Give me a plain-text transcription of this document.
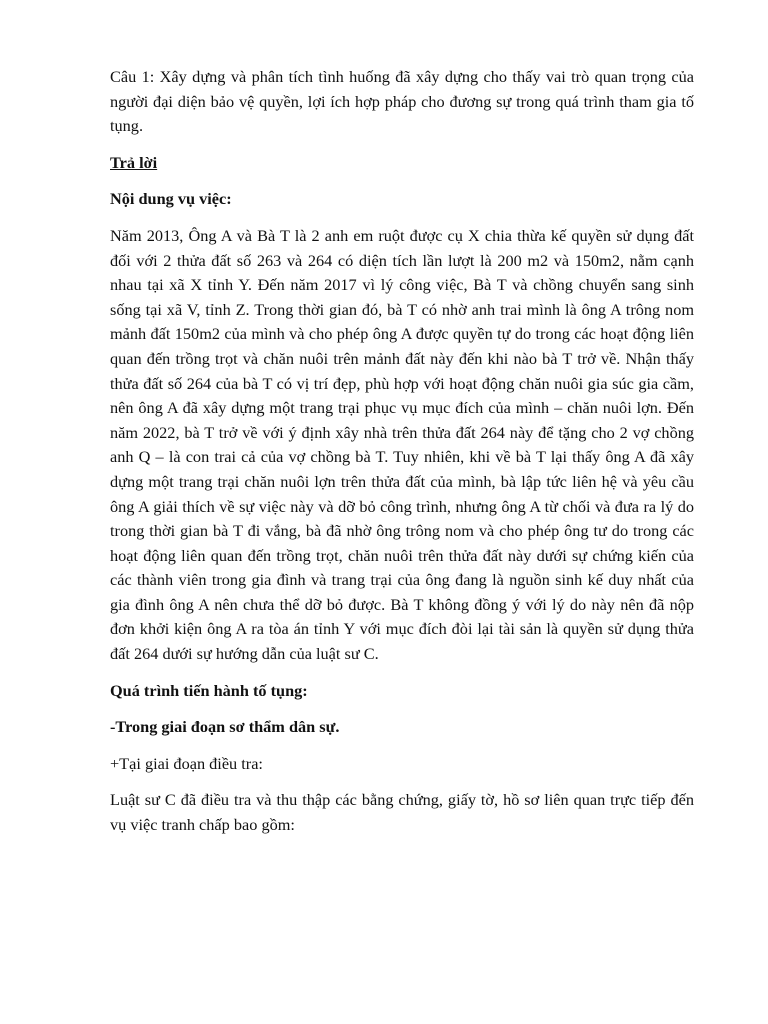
Câu 1: Xây dựng và phân tích tình huống đã xây dựng cho thấy vai trò quan trọng của người đại diện bảo vệ quyền, lợi ích hợp pháp cho đương sự trong quá trình tham gia tố tụng.

Trả lời

Nội dung vụ việc:

Năm 2013, Ông A và Bà T là 2 anh em ruột được cụ X chia thừa kế quyền sử dụng đất đối với 2 thửa đất số 263 và 264 có diện tích lần lượt là 200 m2 và 150m2, nằm cạnh nhau tại xã X tỉnh Y. Đến năm 2017 vì lý công việc, Bà T và chồng chuyển sang sinh sống tại xã V, tỉnh Z. Trong thời gian đó, bà T có nhờ anh trai mình là ông A trông nom mảnh đất 150m2 của mình và cho phép ông A được quyền tự do trong các hoạt động liên quan đến trồng trọt và chăn nuôi trên mảnh đất này đến khi nào bà T trở về. Nhận thấy thửa đất số 264 của bà T có vị trí đẹp, phù hợp với hoạt động chăn nuôi gia súc gia cầm, nên ông A đã xây dựng một trang trại phục vụ mục đích của mình – chăn nuôi lợn. Đến năm 2022, bà T trở về với ý định xây nhà trên thửa đất 264 này để tặng cho 2 vợ chồng anh Q – là con trai cả của vợ chồng bà T. Tuy nhiên, khi về bà T lại thấy ông A đã xây dựng một trang trại chăn nuôi lợn trên thửa đất của mình, bà lập tức liên hệ và yêu cầu ông A giải thích về sự việc này và dỡ bỏ công trình, nhưng ông A từ chối và đưa ra lý do trong thời gian bà T đi vắng, bà đã nhờ ông trông nom và cho phép ông tư do trong các hoạt động liên quan đến trồng trọt, chăn nuôi trên thửa đất này dưới sự chứng kiến của các thành viên trong gia đình và trang trại của ông đang là nguồn sinh kế duy nhất của gia đình ông A nên chưa thể dỡ bỏ được. Bà T không đồng ý với lý do này nên đã nộp đơn khởi kiện ông A ra tòa án tỉnh Y với mục đích đòi lại tài sản là quyền sử dụng thửa đất 264 dưới sự hướng dẫn của luật sư C.

Quá trình tiến hành tố tụng:

-Trong giai đoạn sơ thẩm dân sự.

+Tại giai đoạn điều tra:

Luật sư C đã điều tra và thu thập các bằng chứng, giấy tờ, hồ sơ liên quan trực tiếp đến vụ việc tranh chấp bao gồm:
